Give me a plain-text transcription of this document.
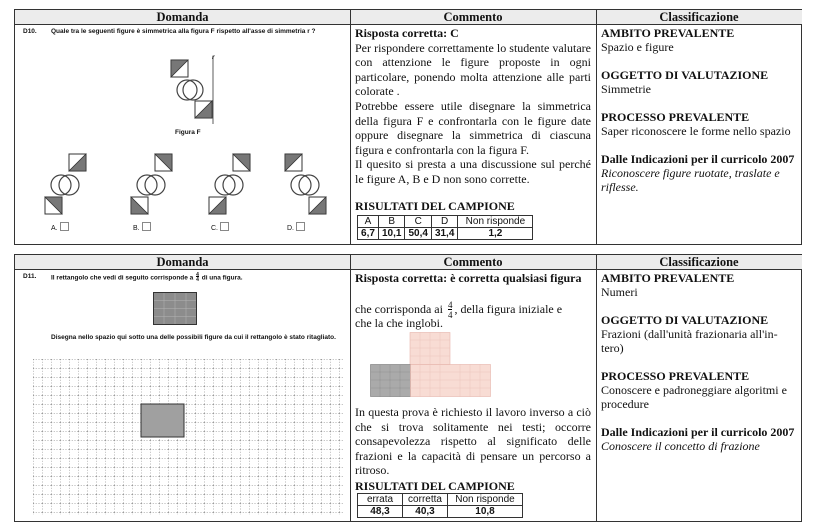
Domanda	Commento	Classificazione
D10. Quale tra le seguenti figure è simmetrica alla figura F rispetto all'asse di simmetria r ?
r
Figura F
A.	B.	C.	D.
Risposta corretta: C
Per rispondere correttamente lo studente valutare con attenzione le figure proposte in ogni particolare, ponendo molta attenzione alle parti colorate .
Potrebbe essere utile disegnare la simmetrica della figura F e confrontarla con le figure date oppure disegnare la simmetrica di ciascuna figura e confrontarla con la figura F.
Il quesito si presta a una discussione sul perché le figure A, B e D non sono corrette.
RISULTATI DEL CAMPIONE
A	B	C	D	Non risponde
6,7	10,1	50,4	31,4	1,2
AMBITO PREVALENTE
Spazio e figure
OGGETTO DI VALUTAZIONE
Simmetrie
PROCESSO PREVALENTE
Saper riconoscere le forme nello spazio
Dalle Indicazioni per il curricolo 2007
Riconoscere figure ruotate, traslate e riflesse.
Domanda	Commento	Classificazione
D11. Il rettangolo che vedi di seguito corrisponde a 4
4 di una figura.
Disegna nello spazio qui sotto una delle possibili figure da cui il rettangolo è stato ritagliato.
Risposta corretta: è corretta qualsiasi figura
che corrisponda ai $\frac{4}{4}$ , della figura iniziale e
che la che inglobi.
In questa prova è richiesto il lavoro inverso a ciò che si trova solitamente nei testi; occorre consapevolezza rispetto al significato delle frazioni e la capacità di pensare un percorso a ritroso.
RISULTATI DEL CAMPIONE
errata	corretta	Non risponde
48,3	40,3	10,8
AMBITO PREVALENTE
Numeri
OGGETTO DI VALUTAZIONE
Frazioni (dall'unità frazionaria all'in-tero)
PROCESSO PREVALENTE
Conoscere e padroneggiare algoritmi e procedure
Dalle Indicazioni per il curricolo 2007
Conoscere il concetto di frazione
